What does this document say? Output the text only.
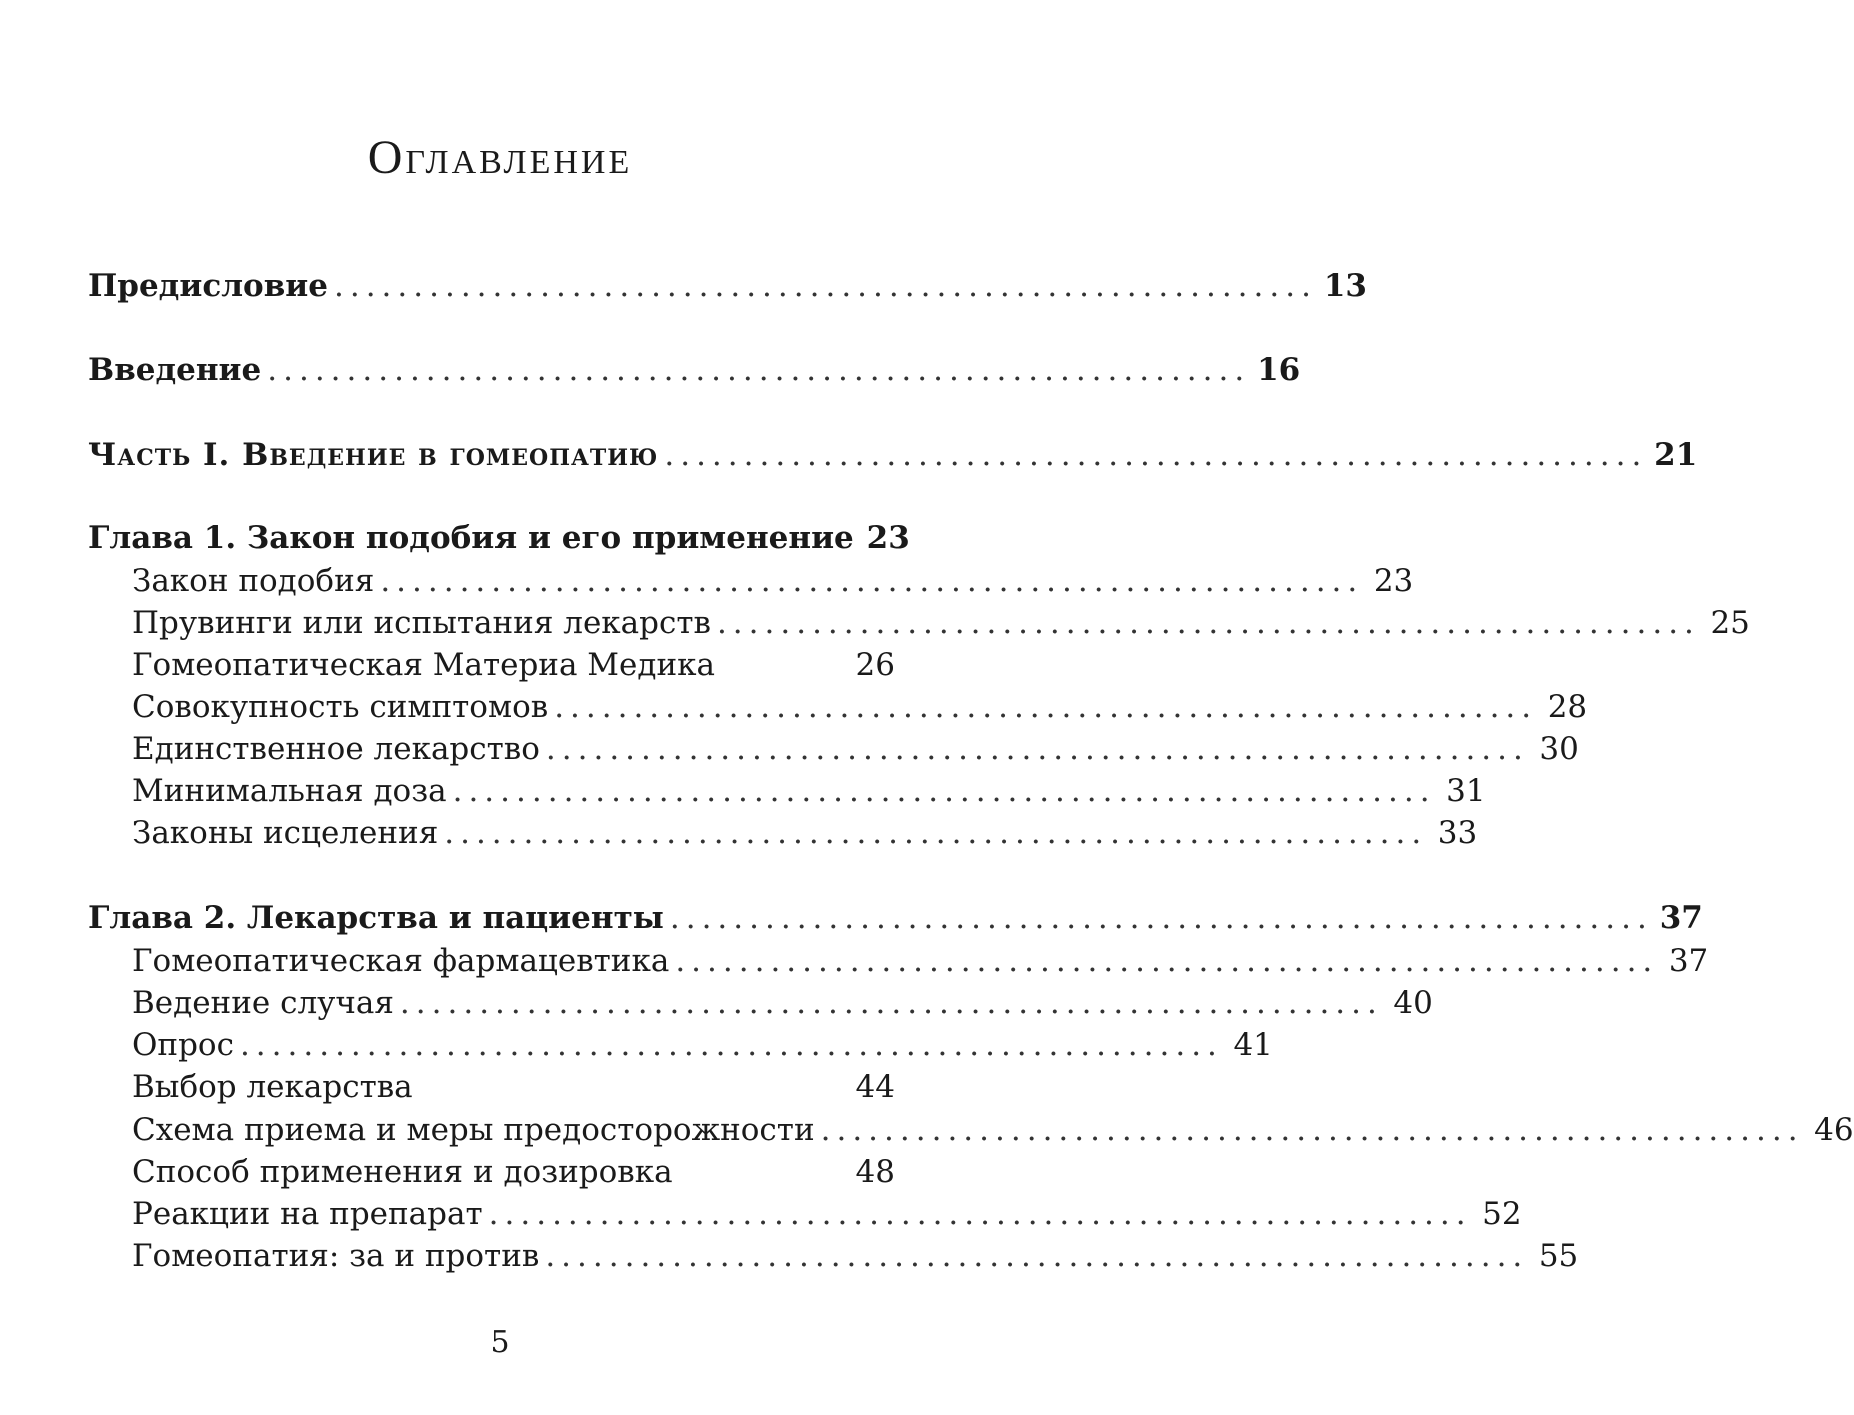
Оглавление
Предисловие .............................................................. 13
Введение .............................................................. 16
Часть I. Введение в гомеопатию .............................................................. 21
Глава 1. Закон подобия и его применение 23
Закон подобия .............................................................. 23
Прувинги или испытания лекарств .............................................................. 25
Гомеопатическая Материа Медика	26
Совокупность симптомов .............................................................. 28
Единственное лекарство .............................................................. 30
Минимальная доза .............................................................. 31
Законы исцеления .............................................................. 33
Глава 2. Лекарства и пациенты .............................................................. 37
Гомеопатическая фармацевтика .............................................................. 37
Ведение случая .............................................................. 40
Опрос .............................................................. 41
Выбор лекарства	44
Схема приема и меры предосторожности .............................................................. 46
Способ применения и дозировка	48
Реакции на препарат .............................................................. 52
Гомеопатия: за и против .............................................................. 55
5
